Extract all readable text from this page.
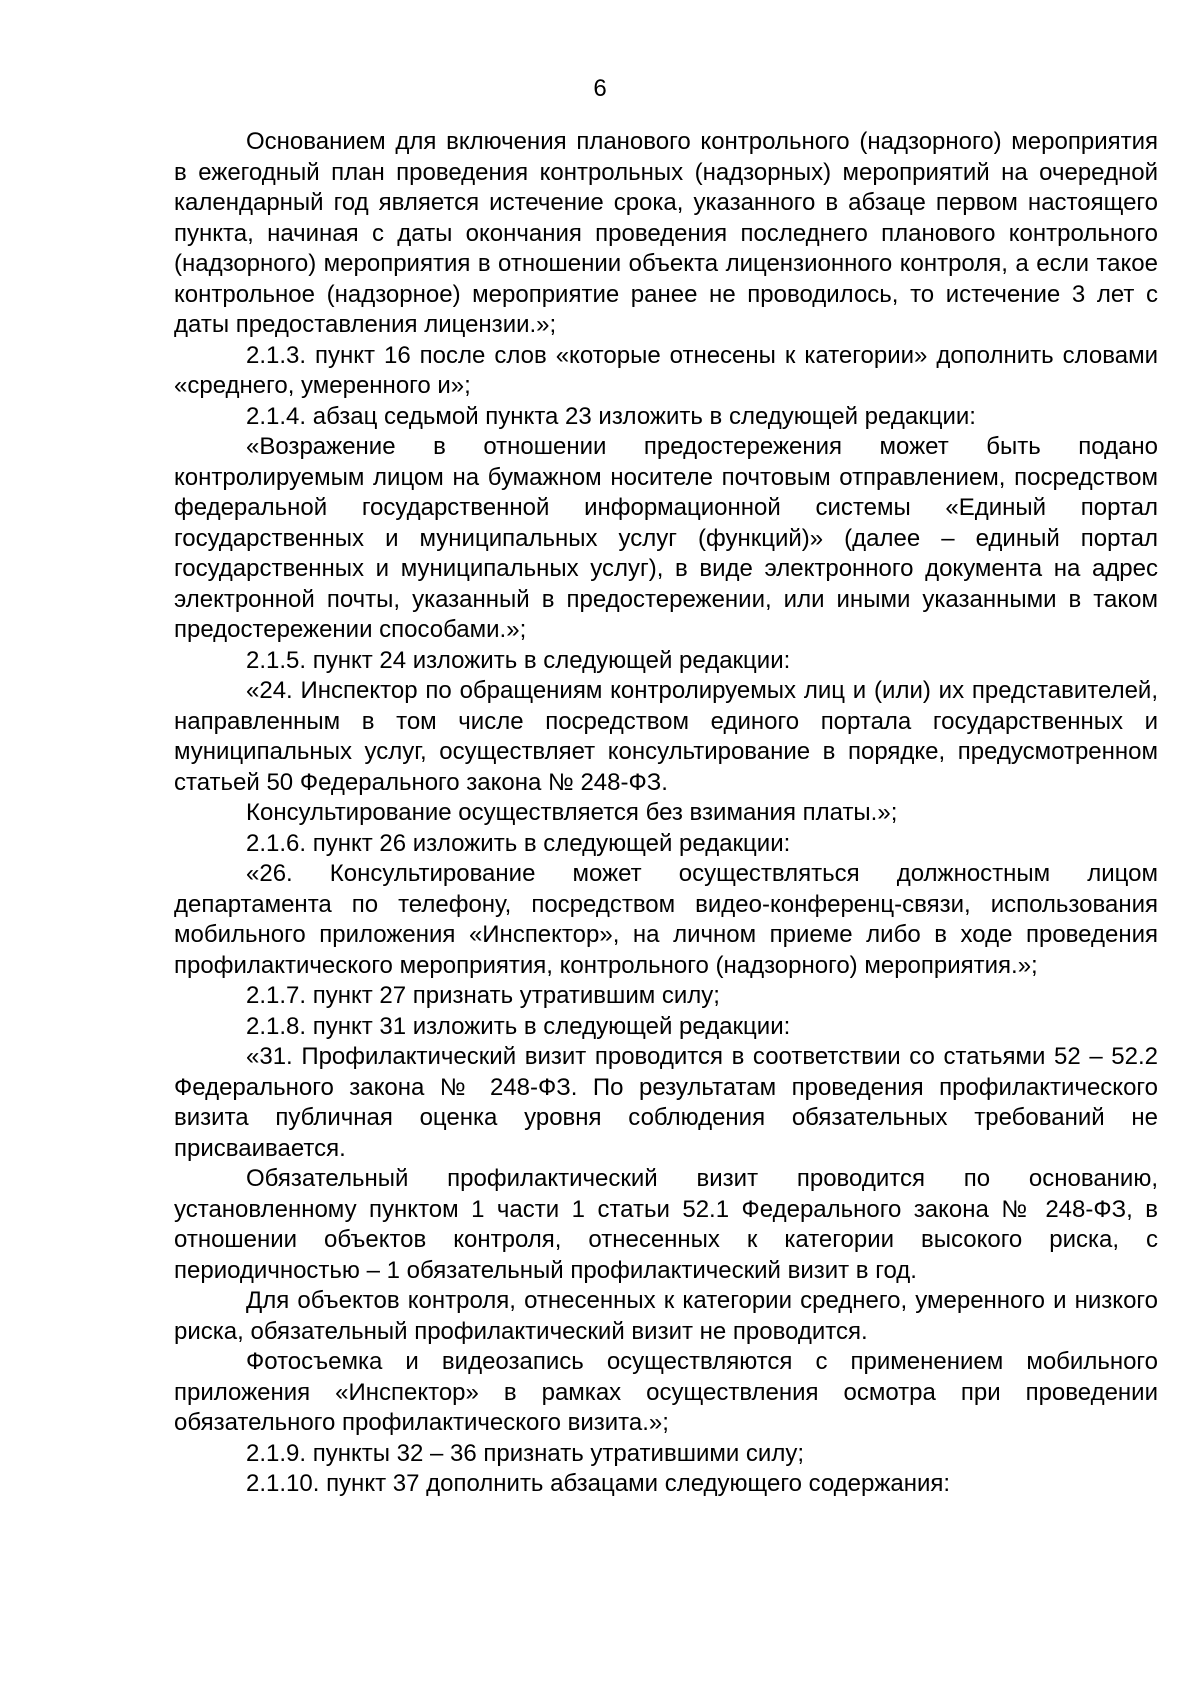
6

Основанием для включения планового контрольного (надзорного) мероприятия в ежегодный план проведения контрольных (надзорных) мероприятий на очередной календарный год является истечение срока, указанного в абзаце первом настоящего пункта, начиная с даты окончания проведения последнего планового контрольного (надзорного) мероприятия в отношении объекта лицензионного контроля, а если такое контрольное (надзорное) мероприятие ранее не проводилось, то истечение 3 лет с даты предоставления лицензии.»;

2.1.3. пункт 16 после слов «которые отнесены к категории» дополнить словами «среднего, умеренного и»;

2.1.4. абзац седьмой пункта 23 изложить в следующей редакции:

«Возражение в отношении предостережения может быть подано контролируемым лицом на бумажном носителе почтовым отправлением, посредством федеральной государственной информационной системы «Единый портал государственных и муниципальных услуг (функций)» (далее – единый портал государственных и муниципальных услуг), в виде электронного документа на адрес электронной почты, указанный в предостережении, или иными указанными в таком предостережении способами.»;

2.1.5. пункт 24 изложить в следующей редакции:

«24. Инспектор по обращениям контролируемых лиц и (или) их представителей, направленным в том числе посредством единого портала государственных и муниципальных услуг, осуществляет консультирование в порядке, предусмотренном статьей 50 Федерального закона № 248-ФЗ.

Консультирование осуществляется без взимания платы.»;

2.1.6. пункт 26 изложить в следующей редакции:

«26. Консультирование может осуществляться должностным лицом департамента по телефону, посредством видео-конференц-связи, использования мобильного приложения «Инспектор», на личном приеме либо в ходе проведения профилактического мероприятия, контрольного (надзорного) мероприятия.»;

2.1.7. пункт 27 признать утратившим силу;

2.1.8. пункт 31 изложить в следующей редакции:

«31. Профилактический визит проводится в соответствии со статьями 52 – 52.2 Федерального закона № 248-ФЗ. По результатам проведения профилактического визита публичная оценка уровня соблюдения обязательных требований не присваивается.

Обязательный профилактический визит проводится по основанию, установленному пунктом 1 части 1 статьи 52.1 Федерального закона № 248-ФЗ, в отношении объектов контроля, отнесенных к категории высокого риска, с периодичностью – 1 обязательный профилактический визит в год.

Для объектов контроля, отнесенных к категории среднего, умеренного и низкого риска, обязательный профилактический визит не проводится.

Фотосъемка и видеозапись осуществляются с применением мобильного приложения «Инспектор» в рамках осуществления осмотра при проведении обязательного профилактического визита.»;

2.1.9. пункты 32 – 36 признать утратившими силу;

2.1.10. пункт 37 дополнить абзацами следующего содержания:
